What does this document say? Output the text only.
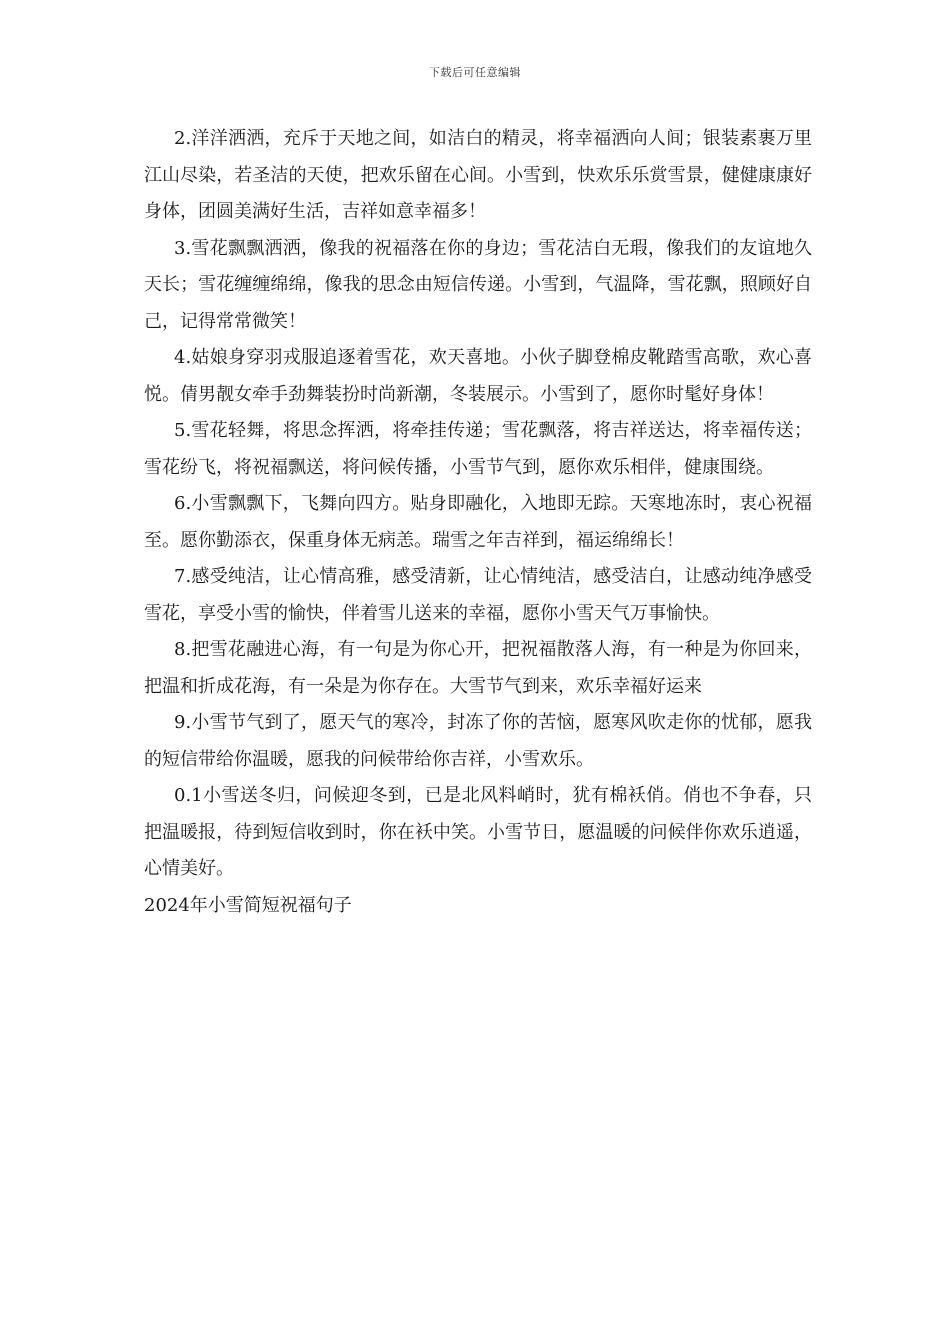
下载后可任意编辑

2.洋洋洒洒，充斥于天地之间，如洁白的精灵，将幸福洒向人间；银装素裹万里江山尽染，若圣洁的天使，把欢乐留在心间。小雪到，快欢乐乐赏雪景，健健康康好身体，团圆美满好生活，吉祥如意幸福多！

3.雪花飘飘洒洒，像我的祝福落在你的身边；雪花洁白无瑕，像我们的友谊地久天长；雪花缠缠绵绵，像我的思念由短信传递。小雪到，气温降，雪花飘，照顾好自己，记得常常微笑！

4.姑娘身穿羽戎服追逐着雪花，欢天喜地。小伙子脚登棉皮靴踏雪高歌，欢心喜悦。倩男靓女牵手劲舞装扮时尚新潮，冬装展示。小雪到了，愿你时髦好身体！

5.雪花轻舞，将思念挥洒，将牵挂传递；雪花飘落，将吉祥送达，将幸福传送；雪花纷飞，将祝福飘送，将问候传播，小雪节气到，愿你欢乐相伴，健康围绕。

6.小雪飘飘下，飞舞向四方。贴身即融化，入地即无踪。天寒地冻时，衷心祝福至。愿你勤添衣，保重身体无病恙。瑞雪之年吉祥到，福运绵绵长！

7.感受纯洁，让心情高雅，感受清新，让心情纯洁，感受洁白，让感动纯净感受雪花，享受小雪的愉快，伴着雪儿送来的幸福，愿你小雪天气万事愉快。

8.把雪花融进心海，有一句是为你心开，把祝福散落人海，有一种是为你回来，把温和折成花海，有一朵是为你存在。大雪节气到来，欢乐幸福好运来

9.小雪节气到了，愿天气的寒冷，封冻了你的苦恼，愿寒风吹走你的忧郁，愿我的短信带给你温暖，愿我的问候带给你吉祥，小雪欢乐。

0.1小雪送冬归，问候迎冬到，已是北风料峭时，犹有棉袄俏。俏也不争春，只把温暖报，待到短信收到时，你在袄中笑。小雪节日，愿温暖的问候伴你欢乐逍遥，心情美好。

2024年小雪简短祝福句子
